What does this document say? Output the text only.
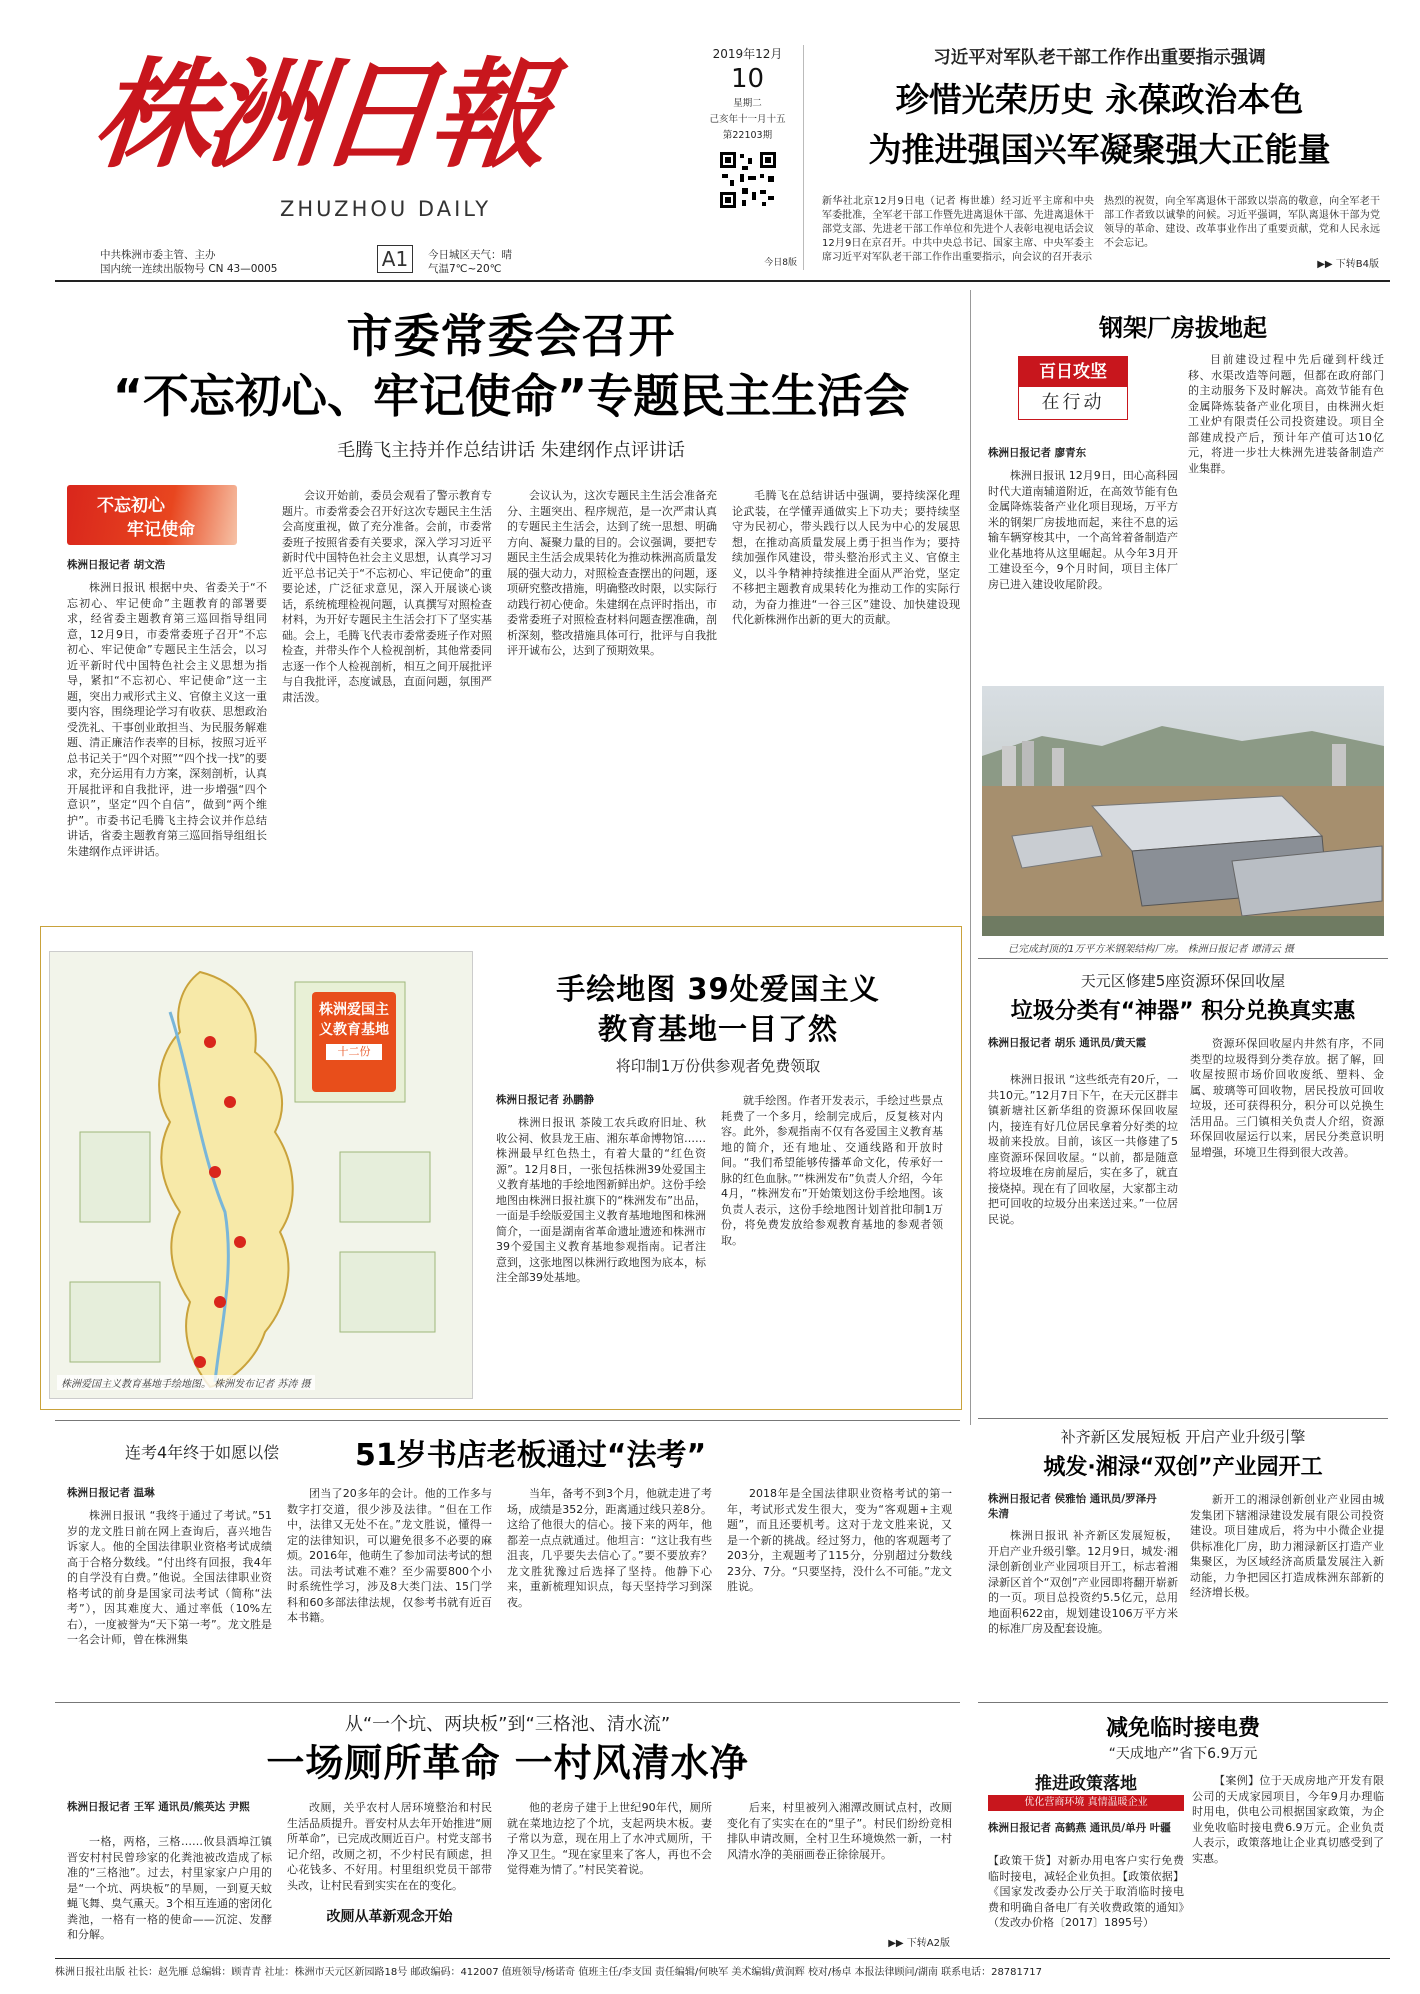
株洲日報
ZHUZHOU DAILY
中共株洲市委主管、主办
国内统一连续出版物号 CN 43—0005	A1	今日城区天气：晴
气温7℃~20℃
2019年12月
10
星期二
己亥年十一月十五
第22103期
今日8版
习近平对军队老干部工作作出重要指示强调
珍惜光荣历史 永葆政治本色
为推进强国兴军凝聚强大正能量
新华社北京12月9日电（记者 梅世雄）经习近平主席和中央军委批准，全军老干部工作暨先进离退休干部、先进离退休干部党支部、先进老干部工作单位和先进个人表彰电视电话会议12月9日在京召开。中共中央总书记、国家主席、中央军委主席习近平对军队老干部工作作出重要指示，向会议的召开表示
热烈的祝贺，向全军离退休干部致以崇高的敬意，向全军老干部工作者致以诚挚的问候。习近平强调，军队离退休干部为党领导的革命、建设、改革事业作出了重要贡献，党和人民永远不会忘记。
▶▶ 下转B4版
市委常委会召开
“不忘初心、牢记使命”专题民主生活会
毛腾飞主持并作总结讲话 朱建纲作点评讲话
不忘初心
牢记使命
株洲日报记者 胡文浩
株洲日报讯 根据中央、省委关于“不忘初心、牢记使命”主题教育的部署要求，经省委主题教育第三巡回指导组同意，12月9日，市委常委班子召开“不忘初心、牢记使命”专题民主生活会，以习近平新时代中国特色社会主义思想为指导，紧扣“不忘初心、牢记使命”这一主题，突出力戒形式主义、官僚主义这一重要内容，围绕理论学习有收获、思想政治受洗礼、干事创业敢担当、为民服务解难题、清正廉洁作表率的目标，按照习近平总书记关于“四个对照”“四个找一找”的要求，充分运用有力方案，深刻剖析，认真开展批评和自我批评，进一步增强“四个意识”，坚定“四个自信”，做到“两个维护”。市委书记毛腾飞主持会议并作总结讲话，省委主题教育第三巡回指导组组长朱建纲作点评讲话。
会议开始前，委员会观看了警示教育专题片。市委常委会召开好这次专题民主生活会高度重视，做了充分准备。会前，市委常委班子按照省委有关要求，深入学习习近平新时代中国特色社会主义思想，认真学习习近平总书记关于“不忘初心、牢记使命”的重要论述，广泛征求意见，深入开展谈心谈话，系统梳理检视问题，认真撰写对照检查材料，为开好专题民主生活会打下了坚实基础。会上，毛腾飞代表市委常委班子作对照检查，并带头作个人检视剖析，其他常委同志逐一作个人检视剖析，相互之间开展批评与自我批评，态度诚恳，直面问题，氛围严肃活泼。
会议认为，这次专题民主生活会准备充分、主题突出、程序规范，是一次严肃认真的专题民主生活会，达到了统一思想、明确方向、凝聚力量的目的。会议强调，要把专题民主生活会成果转化为推动株洲高质量发展的强大动力，对照检查查摆出的问题，逐项研究整改措施，明确整改时限，以实际行动践行初心使命。朱建纲在点评时指出，市委常委班子对照检查材料问题查摆准确，剖析深刻，整改措施具体可行，批评与自我批评开诚布公，达到了预期效果。
毛腾飞在总结讲话中强调，要持续深化理论武装，在学懂弄通做实上下功夫；要持续坚守为民初心，带头践行以人民为中心的发展思想，在推动高质量发展上勇于担当作为；要持续加强作风建设，带头整治形式主义、官僚主义，以斗争精神持续推进全面从严治党，坚定不移把主题教育成果转化为推动工作的实际行动，为奋力推进“一谷三区”建设、加快建设现代化新株洲作出新的更大的贡献。
株洲爱国主义教育基地
十二份
株洲爱国主义教育基地手绘地图。 株洲发布记者 苏涛 摄
手绘地图 39处爱国主义
教育基地一目了然
将印制1万份供参观者免费领取
株洲日报记者 孙鹏静
株洲日报讯 茶陵工农兵政府旧址、秋收公祠、攸县龙王庙、湘东革命博物馆……株洲最早红色热土，有着大量的“红色资源”。12月8日，一张包括株洲39处爱国主义教育基地的手绘地图新鲜出炉。这份手绘地图由株洲日报社旗下的“株洲发布”出品，一面是手绘版爱国主义教育基地地图和株洲简介，一面是湖南省革命遗址遗迹和株洲市39个爱国主义教育基地参观指南。记者注意到，这张地图以株洲行政地图为底本，标注全部39处基地。
就手绘图。作者开发表示，手绘过些景点耗费了一个多月，绘制完成后，反复核对内容。此外，参观指南不仅有各爱国主义教育基地的简介，还有地址、交通线路和开放时间。“我们希望能够传播革命文化，传承好一脉的红色血脉。”“株洲发布”负责人介绍，今年4月，“株洲发布”开始策划这份手绘地图。该负责人表示，这份手绘地图计划首批印制1万份，将免费发放给参观教育基地的参观者领取。
钢架厂房拔地起
百日攻坚
在行动
株洲日报记者 廖青东
株洲日报讯 12月9日，田心高科园时代大道南辅道附近，在高效节能有色金属降炼装备产业化项目现场，万平方米的钢架厂房拔地而起，来往不息的运输车辆穿梭其中，一个高耸着备制造产业化基地将从这里崛起。从今年3月开工建设至今，9个月时间，项目主体厂房已进入建设收尾阶段。
目前建设过程中先后碰到杆线迁移、水渠改造等问题，但都在政府部门的主动服务下及时解决。高效节能有色金属降炼装备产业化项目，由株洲火炬工业炉有限责任公司投资建设。项目全部建成投产后，预计年产值可达10亿元，将进一步壮大株洲先进装备制造产业集群。
已完成封顶的1万平方米钢架结构厂房。 株洲日报记者 谭清云 摄
天元区修建5座资源环保回收屋
垃圾分类有“神器” 积分兑换真实惠
株洲日报记者 胡乐 通讯员/黄天霞
株洲日报讯 “这些纸壳有20斤，一共10元。”12月7日下午，在天元区群丰镇新塘社区新华组的资源环保回收屋内，接连有好几位居民拿着分好类的垃圾前来投放。目前，该区一共修建了5座资源环保回收屋。“以前，都是随意将垃圾堆在房前屋后，实在多了，就直接烧掉。现在有了回收屋，大家都主动把可回收的垃圾分出来送过来。”一位居民说。
资源环保回收屋内井然有序，不同类型的垃圾得到分类存放。据了解，回收屋按照市场价回收废纸、塑料、金属、玻璃等可回收物，居民投放可回收垃圾，还可获得积分，积分可以兑换生活用品。三门镇相关负责人介绍，资源环保回收屋运行以来，居民分类意识明显增强，环境卫生得到很大改善。
补齐新区发展短板 开启产业升级引擎
城发·湘渌“双创”产业园开工
株洲日报记者 侯雅怡 通讯员/罗泽丹 朱清
株洲日报讯 补齐新区发展短板，开启产业升级引擎。12月9日，城发·湘渌创新创业产业园项目开工，标志着湘渌新区首个“双创”产业园即将翻开崭新的一页。项目总投资约5.5亿元，总用地面积622亩，规划建设106万平方米的标准厂房及配套设施。
新开工的湘渌创新创业产业园由城发集团下辖湘渌建设发展有限公司投资建设。项目建成后，将为中小微企业提供标准化厂房，助力湘渌新区打造产业集聚区，为区域经济高质量发展注入新动能，力争把园区打造成株洲东部新的经济增长极。
减免临时接电费
“天成地产”省下6.9万元
推进政策落地
优化营商环境 真情温暖企业
株洲日报记者 高鹤燕 通讯员/单丹 叶疆
【政策干货】对新办用电客户实行免费临时接电，减轻企业负担。【政策依据】《国家发改委办公厅关于取消临时接电费和明确自备电厂有关收费政策的通知》（发改办价格〔2017〕1895号）
【案例】位于天成房地产开发有限公司的天成家园项目，今年9月办理临时用电，供电公司根据国家政策，为企业免收临时接电费6.9万元。企业负责人表示，政策落地让企业真切感受到了实惠。
连考4年终于如愿以偿	51岁书店老板通过“法考”
株洲日报记者 温琳
株洲日报讯 “我终于通过了考试。”51岁的龙文胜日前在网上查询后，喜兴地告诉家人。他的全国法律职业资格考试成绩高于合格分数线。“付出终有回报，我4年的自学没有白费。”他说。全国法律职业资格考试的前身是国家司法考试（简称“法考”），因其难度大、通过率低（10%左右），一度被誉为“天下第一考”。龙文胜是一名会计师，曾在株洲集
团当了20多年的会计。他的工作多与数字打交道，很少涉及法律。“但在工作中，法律又无处不在。”龙文胜说，懂得一定的法律知识，可以避免很多不必要的麻烦。2016年，他萌生了参加司法考试的想法。司法考试难不难？至少需要800个小时系统性学习，涉及8大类门法、15门学科和60多部法律法规，仅参考书就有近百本书籍。
当年，备考不到3个月，他就走进了考场，成绩是352分，距离通过线只差8分。这给了他很大的信心。接下来的两年，他都差一点点就通过。他坦言：“这让我有些沮丧，几乎要失去信心了。”要不要放弃？龙文胜犹豫过后选择了坚持。他静下心来，重新梳理知识点，每天坚持学习到深夜。
2018年是全国法律职业资格考试的第一年，考试形式发生很大，变为“客观题+主观题”，而且还要机考。这对于龙文胜来说，又是一个新的挑战。经过努力，他的客观题考了203分，主观题考了115分，分别超过分数线23分、7分。“只要坚持，没什么不可能。”龙文胜说。
从“一个坑、两块板”到“三格池、清水流”
一场厕所革命 一村风清水净
株洲日报记者 王军 通讯员/熊英达 尹熙
一格，两格，三格……攸县酒埠江镇晋安村村民曾珍家的化粪池被改造成了标准的“三格池”。过去，村里家家户户用的是“一个坑、两块板”的旱厕，一到夏天蚊蝇飞舞、臭气熏天。3个相互连通的密闭化粪池，一格有一格的使命——沉淀、发酵和分解。
改厕，关乎农村人居环境整治和村民生活品质提升。晋安村从去年开始推进“厕所革命”，已完成改厕近百户。村党支部书记介绍，改厕之初，不少村民有顾虑，担心花钱多、不好用。村里组织党员干部带头改，让村民看到实实在在的变化。
改厕从革新观念开始
他的老房子建于上世纪90年代，厕所就在菜地边挖了个坑，支起两块木板。妻子常以为意，现在用上了水冲式厕所，干净又卫生。“现在家里来了客人，再也不会觉得难为情了。”村民笑着说。
后来，村里被列入湘潭改厕试点村，改厕变化有了实实在在的“里子”。村民们纷纷竞相排队申请改厕，全村卫生环境焕然一新，一村风清水净的美丽画卷正徐徐展开。
▶▶ 下转A2版
株洲日报社出版 社长：赵先雁 总编辑：顾青青 社址：株洲市天元区新园路18号 邮政编码：412007 值班领导/杨诺奇 值班主任/李支国 责任编辑/何映军 美术编辑/黄润辉 校对/杨卓 本报法律顾问/湖南 联系电话：28781717
